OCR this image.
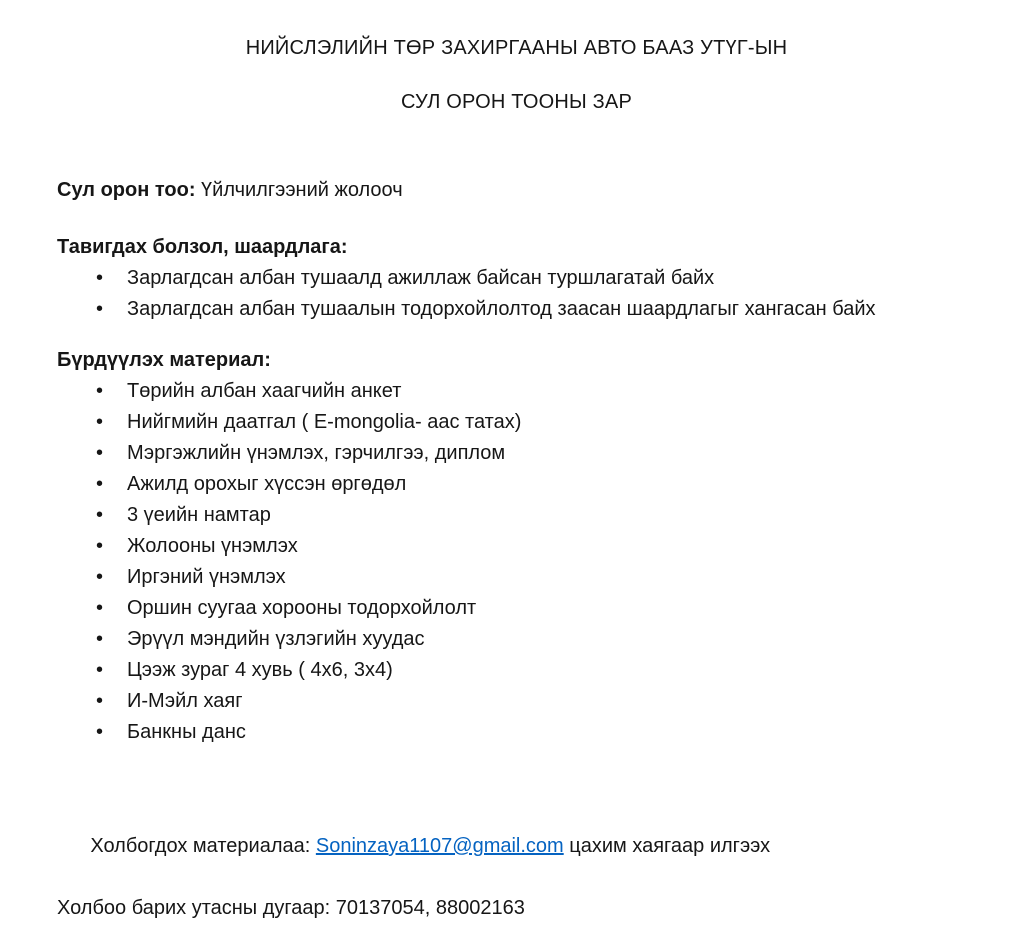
НИЙСЛЭЛИЙН ТӨР ЗАХИРГААНЫ АВТО БААЗ УТҮГ-ЫН
СУЛ ОРОН ТООНЫ ЗАР
Сул орон тоо: Үйлчилгээний жолооч
Тавигдах болзол, шаардлага:
• Зарлагдсан албан тушаалд ажиллаж байсан туршлагатай байх
• Зарлагдсан албан тушаалын тодорхойлолтод заасан шаардлагыг хангасан байх
Бүрдүүлэх материал:
• Төрийн албан хаагчийн анкет
• Нийгмийн даатгал ( E-mongolia- аас татах)
• Мэргэжлийн үнэмлэх, гэрчилгээ, диплом
• Ажилд орохыг хүссэн өргөдөл
• 3 үеийн намтар
• Жолооны үнэмлэх
• Иргэний үнэмлэх
• Оршин суугаа хорооны тодорхойлолт
• Эрүүл мэндийн үзлэгийн хуудас
• Цээж зураг 4 хувь ( 4x6, 3x4)
• И-Мэйл хаяг
• Банкны данс

Холбогдох материалаа: Soninzaya1107@gmail.com цахим хаягаар илгээх

Холбоо барих утасны дугаар: 70137054, 88002163
